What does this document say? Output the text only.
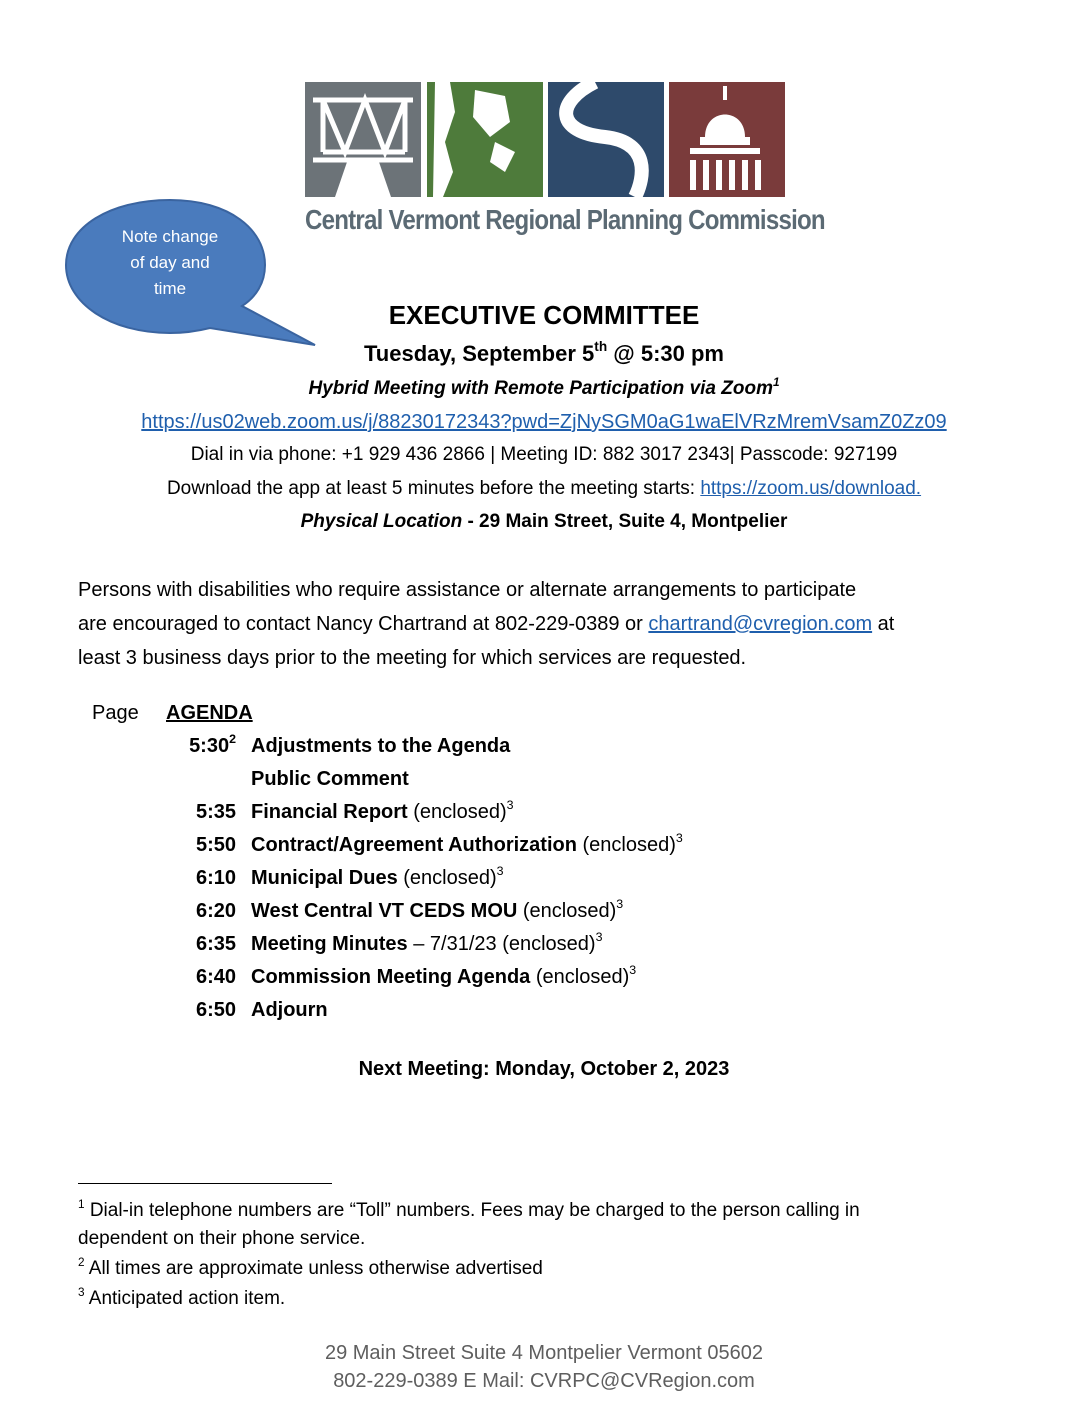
Central Vermont Regional Planning Commission
Note change
of day and
time
EXECUTIVE COMMITTEE
Tuesday, September 5th @ 5:30 pm
Hybrid Meeting with Remote Participation via Zoom$^1$
https://us02web.zoom.us/j/88230172343?pwd=ZjNySGM0aG1waElVRzMremVsamZ0Zz09
Dial in via phone: +1 929 436 2866 | Meeting ID: 882 3017 2343| Passcode: 927199
Download the app at least 5 minutes before the meeting starts: https://zoom.us/download.
Physical Location - 29 Main Street, Suite 4, Montpelier
Persons with disabilities who require assistance or alternate arrangements to participate
are encouraged to contact Nancy Chartrand at 802-229-0389 or chartrand@cvregion.com at
least 3 business days prior to the meeting for which services are requested.
Page AGENDA
$5:30^2$ Adjustments to the Agenda
Public Comment
5:35 Financial Report (enclosed)$^3$
5:50 Contract/Agreement Authorization (enclosed)$^3$
6:10 Municipal Dues (enclosed)$^3$
6:20 West Central VT CEDS MOU (enclosed)$^3$
6:35 Meeting Minutes – 7/31/23 (enclosed)$^3$
6:40 Commission Meeting Agenda (enclosed)$^3$
6:50 Adjourn
Next Meeting: Monday, October 2, 2023
$^1$ Dial-in telephone numbers are “Toll” numbers. Fees may be charged to the person calling in
dependent on their phone service.
$^2$ All times are approximate unless otherwise advertised
$^3$ Anticipated action item.
29 Main Street Suite 4 Montpelier Vermont 05602
802-229-0389 E Mail: CVRPC@CVRegion.com
